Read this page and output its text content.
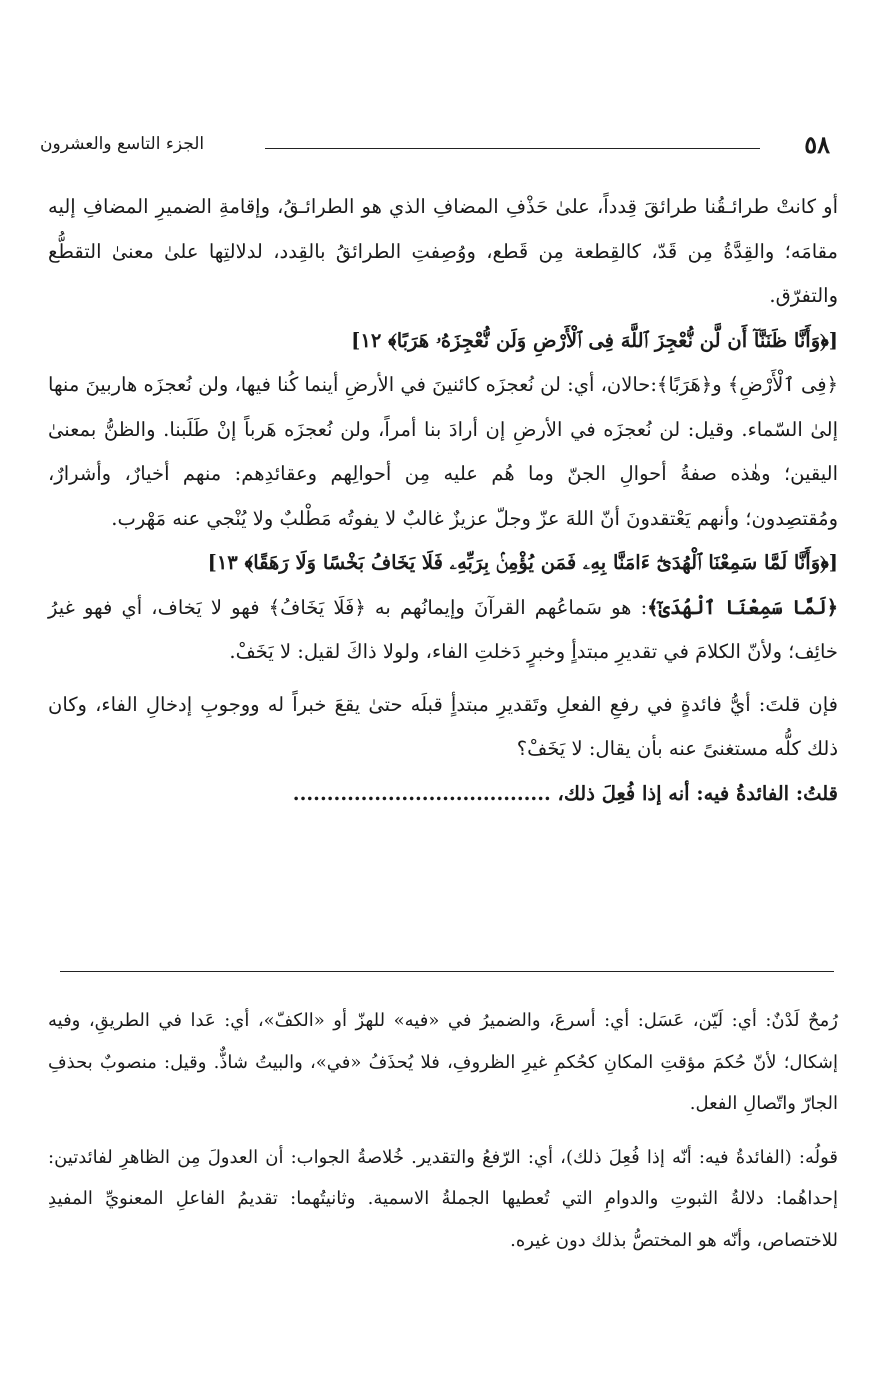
٥٨
الجزء التاسع والعشرون

أو كانتْ طرائـقُنا طرائقَ قِدداً، علىٰ حَذْفِ المضافِ الذي هو الطرائـقُ، وإقامةِ الضميرِ المضافِ إليه مقامَه؛ والقِدَّةُ مِن قَدّ، كالقِطعة مِن قَطع، ووُصِفتِ الطرائقُ بالقِدد، لدلالتِها علىٰ معنىٰ التقطُّع والتفرّق.

[﴿وَأَنَّا ظَنَنَّآ أَن لَّن نُّعْجِزَ ٱللَّهَ فِى ٱلْأَرْضِ وَلَن نُّعْجِزَهُۥ هَرَبًا﴾ ١٢]

﴿فِى ٱلْأَرْضِ﴾ و﴿هَرَبًا﴾:حالان، أي: لن نُعجزَه كائنينَ في الأرضِ أينما كُنا فيها، ولن نُعجزَه هاربينَ منها إلىٰ السّماء. وقيل: لن نُعجزَه في الأرضِ إن أرادَ بنا أمراً، ولن نُعجزَه هَرباً إنْ طَلَبنا. والظنُّ بمعنىٰ اليقين؛ وهٰذه صفةُ أحوالِ الجنّ وما هُم عليه مِن أحوالِهم وعقائدِهم: منهم أخيارٌ، وأشرارٌ، ومُقتصِدون؛ وأنهم يَعْتقدونَ أنّ اللهَ عزّ وجلّ عزيزٌ غالبٌ لا يفوتُه مَطْلبٌ ولا يُنْجي عنه مَهْرب.

[﴿وَأَنَّا لَمَّا سَمِعْنَا ٱلْهُدَىٰٓ ءَامَنَّا بِهِۦ فَمَن يُؤْمِنۢ بِرَبِّهِۦ فَلَا يَخَافُ بَخْسًا وَلَا رَهَقًا﴾ ١٣]

﴿لَمَّا سَمِعْنَا ٱلْهُدَىٰٓ﴾: هو سَماعُهم القرآنَ وإيمانُهم به ﴿فَلَا يَخَافُ﴾ فهو لا يَخاف، أي فهو غيرُ خائِف؛ ولأنّ الكلامَ في تقديرِ مبتدأٍ وخبرٍ دَخلتِ الفاء، ولولا ذاكَ لقيل: لا يَخَفْ.

فإن قلتَ: أيُّ فائدةٍ في رفعِ الفعلِ وتَقديرِ مبتدأٍ قبلَه حتىٰ يقعَ خبراً له ووجوبِ إدخالِ الفاء، وكان ذلك كلُّه مستغنىً عنه بأن يقال: لا يَخَفْ؟

قلتُ: الفائدةُ فيه: أنه إذا فُعِلَ ذلك، ......................................

رُمحٌ لَدْنٌ: أي: لَيّن، عَسَل: أي: أسرعَ، والضميرُ في «فيه» للهزّ أو «الكفّ»، أي: عَدا في الطريقِ، وفيه إشكال؛ لأنّ حُكمَ مؤقتِ المكانِ كحُكمِ غيرِ الظروفِ، فلا يُحذَفُ «في»، والبيتُ شاذٌّ. وقيل: منصوبٌ بحذفِ الجارّ واتّصالِ الفعل.

قولُه: (الفائدةُ فيه: أنّه إذا فُعِلَ ذلك)، أي: الرّفعُ والتقدير. خُلاصةُ الجواب: أن العدولَ مِن الظاهرِ لفائدتين: إحداهُما: دلالةُ الثبوتِ والدوامِ التي تُعطيها الجملةُ الاسمية. وثانيتُهما: تقديمُ الفاعلِ المعنويِّ المفيدِ للاختصاص، وأنّه هو المختصُّ بذلك دون غيره.
